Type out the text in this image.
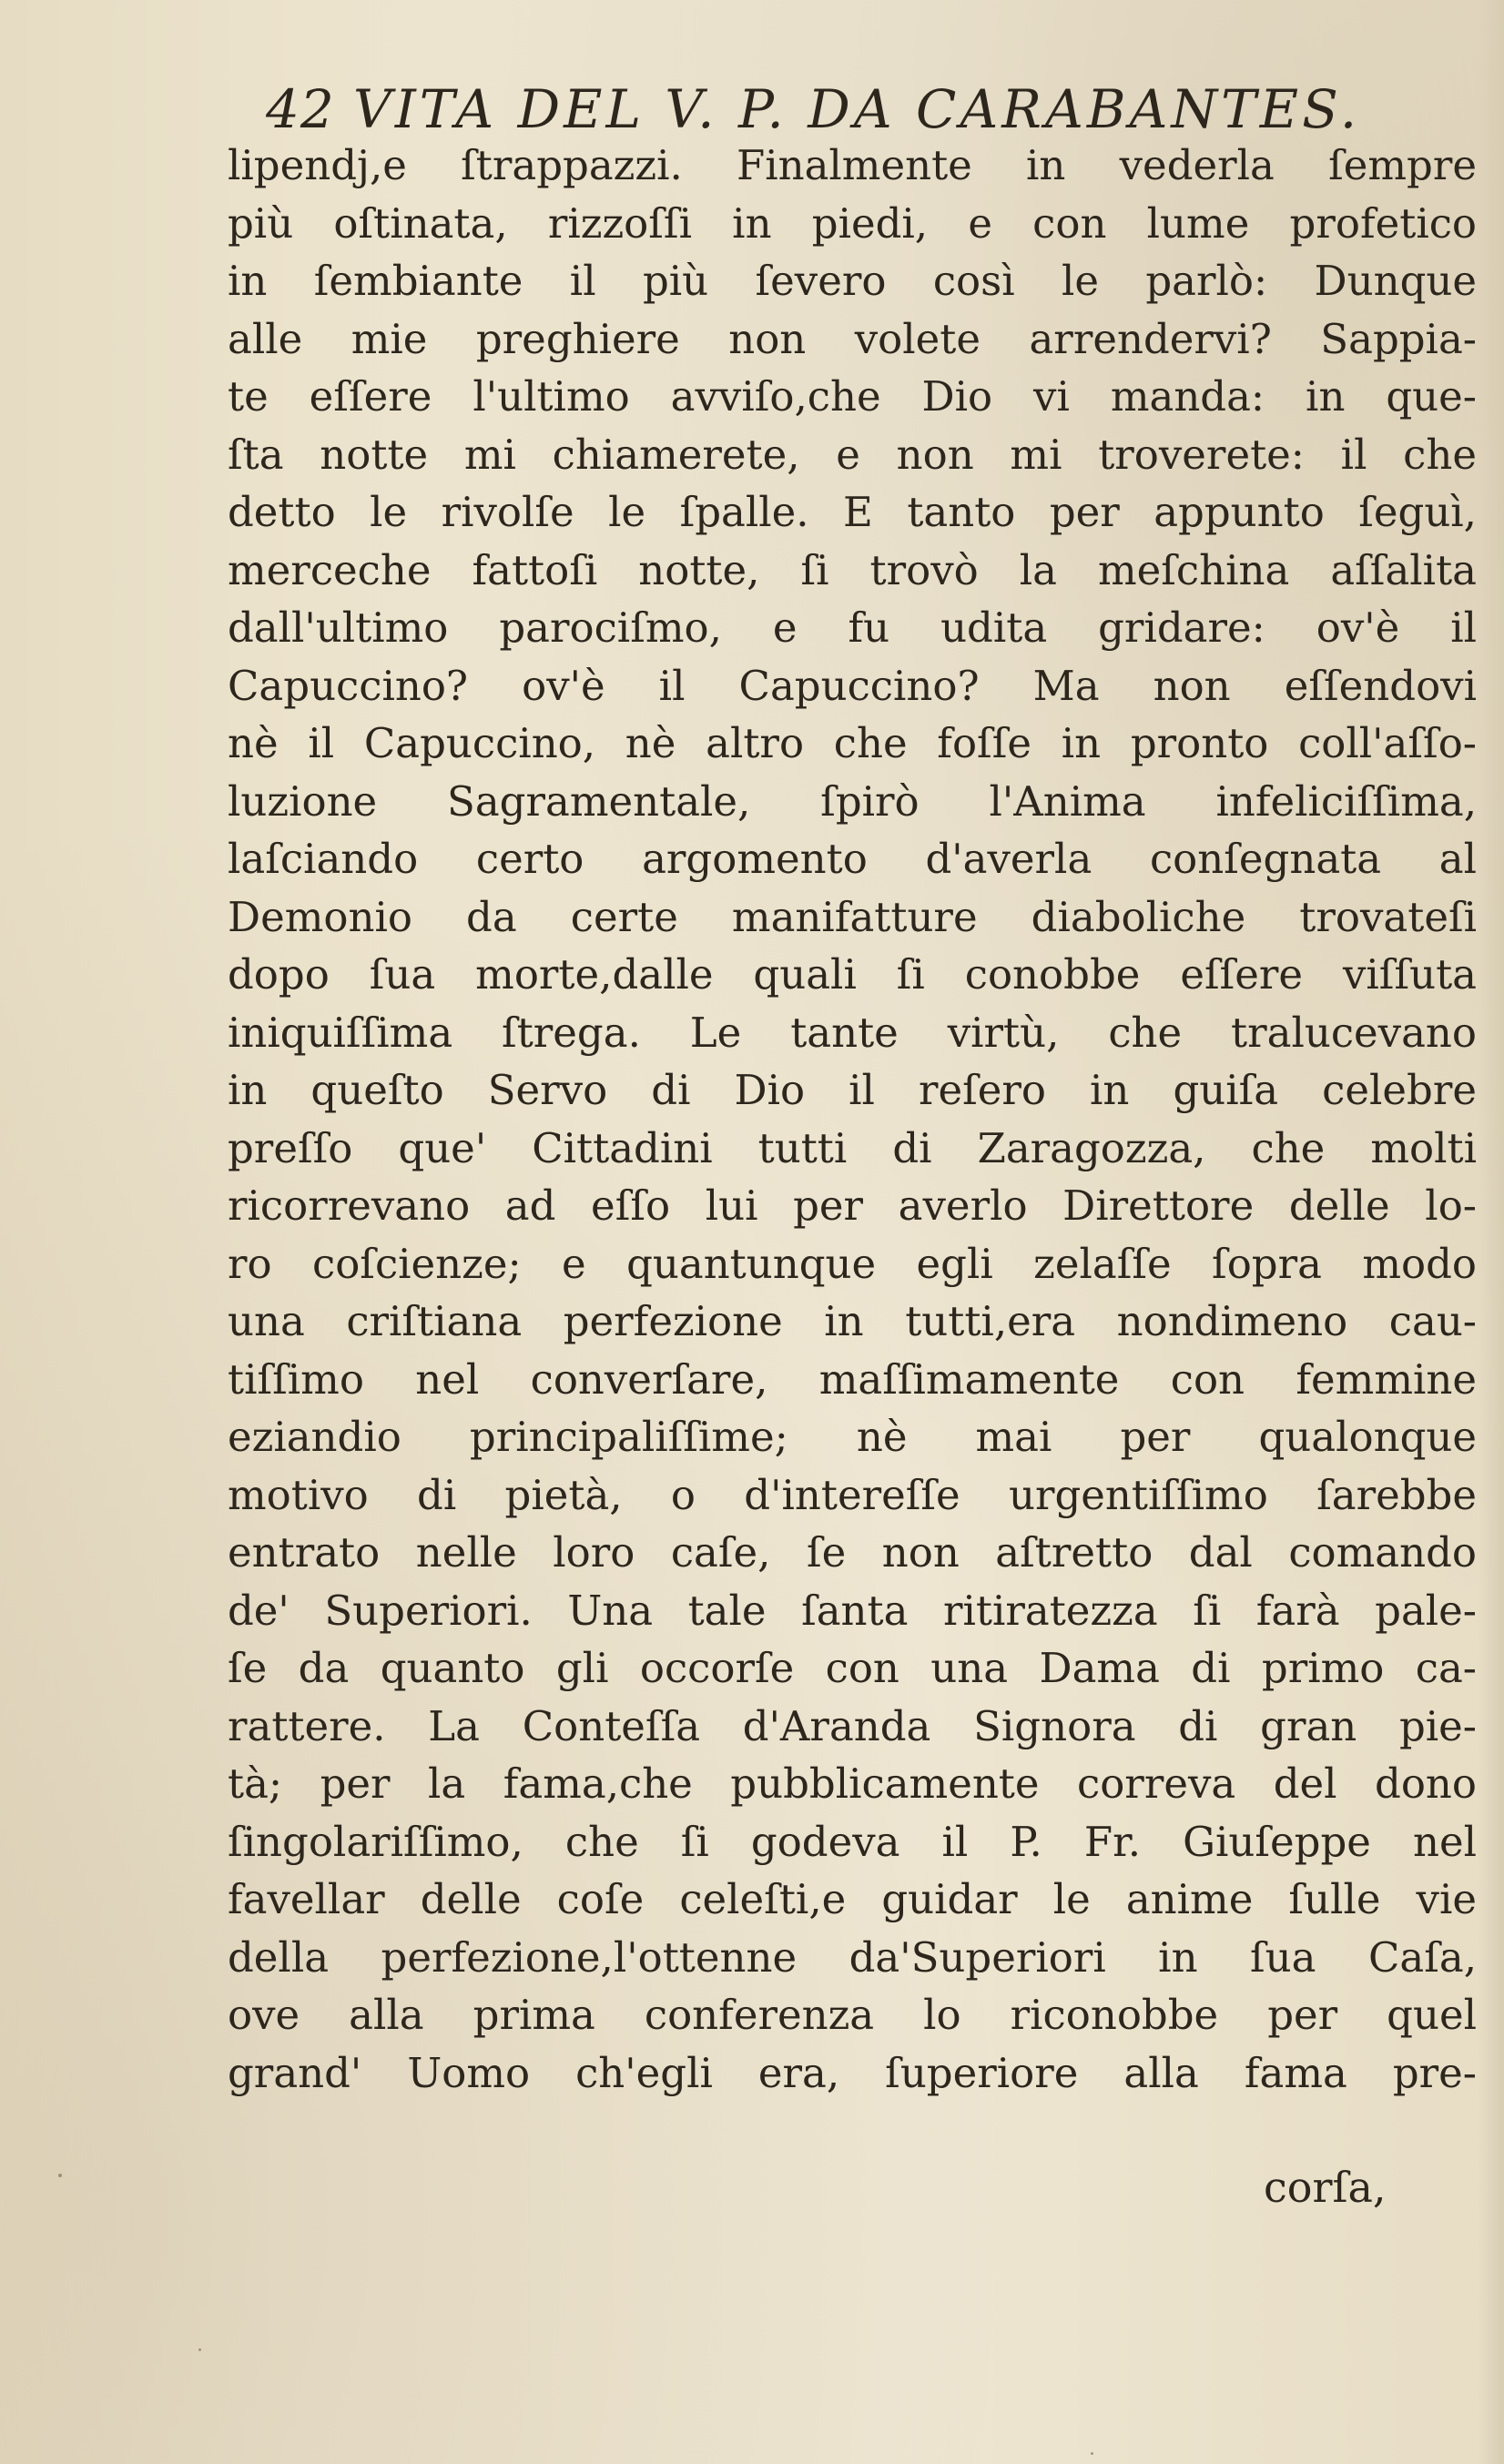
42 VITA DEL V. P. DA CARABANTES.
lipendj,e ſtrappazzi. Finalmente in vederla ſempre
più oſtinata, rizzoſſi in piedi, e con lume profetico
in ſembiante il più ſevero così le parlò: Dunque
alle mie preghiere non volete arrendervi? Sappia-
te eſſere l'ultimo avviſo,che Dio vi manda: in que-
ſta notte mi chiamerete, e non mi troverete: il che
detto le rivolſe le ſpalle. E tanto per appunto ſeguì,
merceche fattoſi notte, ſi trovò la meſchina aſſalita
dall'ultimo parociſmo, e fu udita gridare: ov'è il
Capuccino? ov'è il Capuccino? Ma non eſſendovi
nè il Capuccino, nè altro che foſſe in pronto coll'aſſo-
luzione Sagramentale, ſpirò l'Anima infeliciſſima,
laſciando certo argomento d'averla conſegnata al
Demonio da certe manifatture diaboliche trovateſi
dopo ſua morte,dalle quali ſi conobbe eſſere viſſuta
iniquiſſima ſtrega. Le tante virtù, che tralucevano
in queſto Servo di Dio il reſero in guiſa celebre
preſſo que' Cittadini tutti di Zaragozza, che molti
ricorrevano ad eſſo lui per averlo Direttore delle lo-
ro coſcienze; e quantunque egli zelaſſe ſopra modo
una criſtiana perfezione in tutti,era nondimeno cau-
tiſſimo nel converſare, maſſimamente con femmine
eziandio principaliſſime; nè mai per qualonque
motivo di pietà, o d'intereſſe urgentiſſimo ſarebbe
entrato nelle loro caſe, ſe non aſtretto dal comando
de' Superiori. Una tale ſanta ritiratezza ſi farà pale-
ſe da quanto gli occorſe con una Dama di primo ca-
rattere. La Conteſſa d'Aranda Signora di gran pie-
tà; per la fama,che pubblicamente correva del dono
ſingolariſſimo, che ſi godeva il P. Fr. Giuſeppe nel
favellar delle coſe celeſti,e guidar le anime ſulle vie
della perfezione,l'ottenne da'Superiori in ſua Caſa,
ove alla prima conferenza lo riconobbe per quel
grand' Uomo ch'egli era, ſuperiore alla fama pre-
corſa,
